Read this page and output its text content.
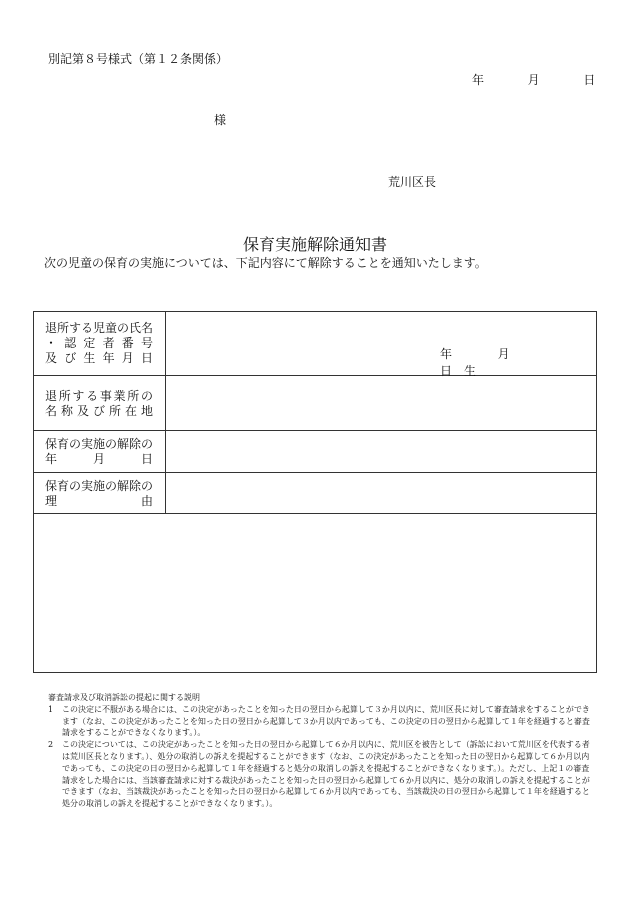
別記第８号様式（第１２条関係）
年	月	日
様
荒川区長
保育実施解除通知書
次の児童の保育の実施については、下記内容にて解除することを通知いたします。
退所する児童の氏名
・認定者番号
及び生年月日	年	月  日生
退所する事業所の
名称及び所在地
保育の実施の解除の
年月日
保育の実施の解除の
理由
審査請求及び取消訴訟の提起に関する説明
1	この決定に不服がある場合には、この決定があったことを知った日の翌日から起算して３か月以内に、荒川区長に対して審査請求をすることができます（なお、この決定があったことを知った日の翌日から起算して３か月以内であっても、この決定の日の翌日から起算して１年を経過すると審査請求をすることができなくなります。）。
2	この決定については、この決定があったことを知った日の翌日から起算して６か月以内に、荒川区を被告として（訴訟において荒川区を代表する者は荒川区長となります。）、処分の取消しの訴えを提起することができます（なお、この決定があったことを知った日の翌日から起算して６か月以内であっても、この決定の日の翌日から起算して１年を経過すると処分の取消しの訴えを提起することができなくなります。）。ただし、上記１の審査請求をした場合には、当該審査請求に対する裁決があったことを知った日の翌日から起算して６か月以内に、処分の取消しの訴えを提起することができます（なお、当該裁決があったことを知った日の翌日から起算して６か月以内であっても、当該裁決の日の翌日から起算して１年を経過すると処分の取消しの訴えを提起することができなくなります。）。
